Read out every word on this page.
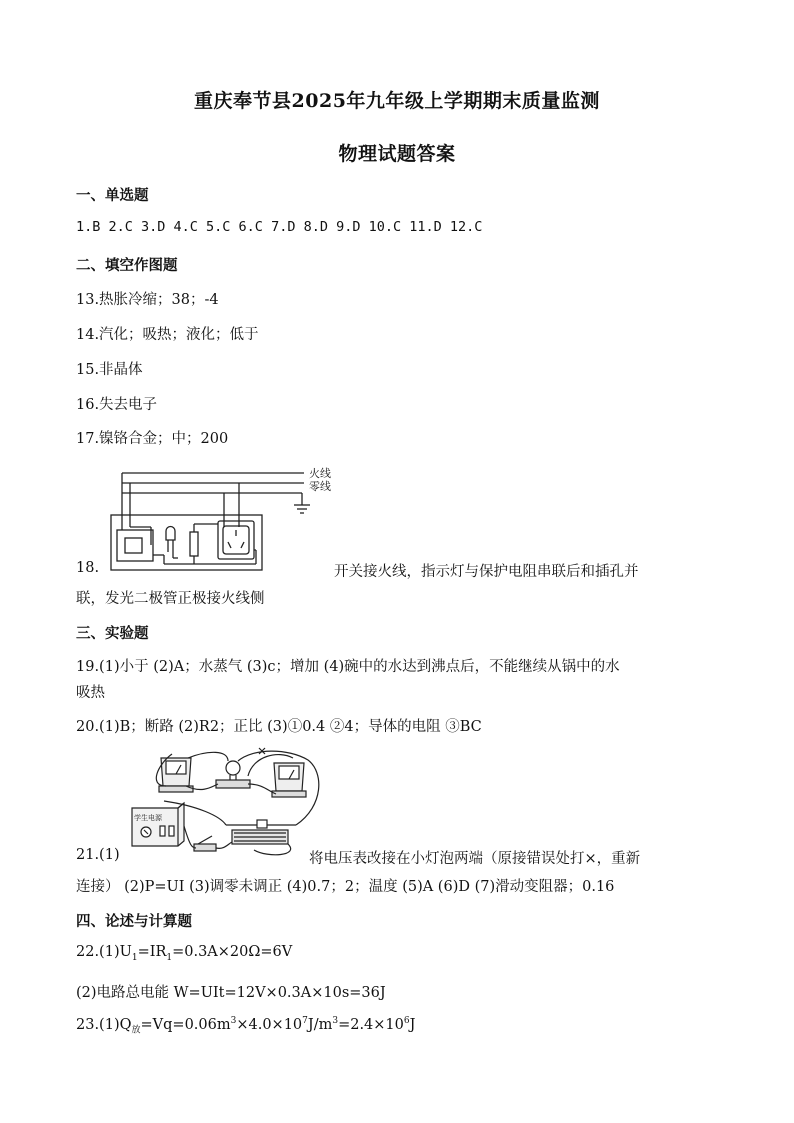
重庆奉节县2025年九年级上学期期末质量监测
物理试题答案
一、单选题
1.B 2.C 3.D 4.C 5.C 6.C 7.D 8.D 9.D 10.C 11.D 12.C
二、填空作图题
13.热胀冷缩；38；-4
14.汽化；吸热；液化；低于
15.非晶体
16.失去电子
17.镍铬合金；中；200
火线
零线
18.	开关接火线，指示灯与保护电阻串联后和插孔并
联，发光二极管正极接火线侧
三、实验题
19.(1)小于 (2)A；水蒸气 (3)c；增加 (4)碗中的水达到沸点后，不能继续从锅中的水
吸热
20.(1)B；断路 (2)R2；正比 (3)①0.4 ②4；导体的电阻 ③BC
学生电源
21.(1)	将电压表改接在小灯泡两端（原接错误处打×，重新
连接） (2)P=UI (3)调零未调正 (4)0.7；2；温度 (5)A (6)D (7)滑动变阻器；0.16
四、论述与计算题
$22.(1)U_1=IR_1=0.3A\times 20\Omega=6V$
(2)电路总电能 W=UIt=12V×0.3A×10s=36J
$23.(1)Q_放=Vq=0.06m^3\times 4.0\times 10^7J/m^3=2.4\times 10^6J$
